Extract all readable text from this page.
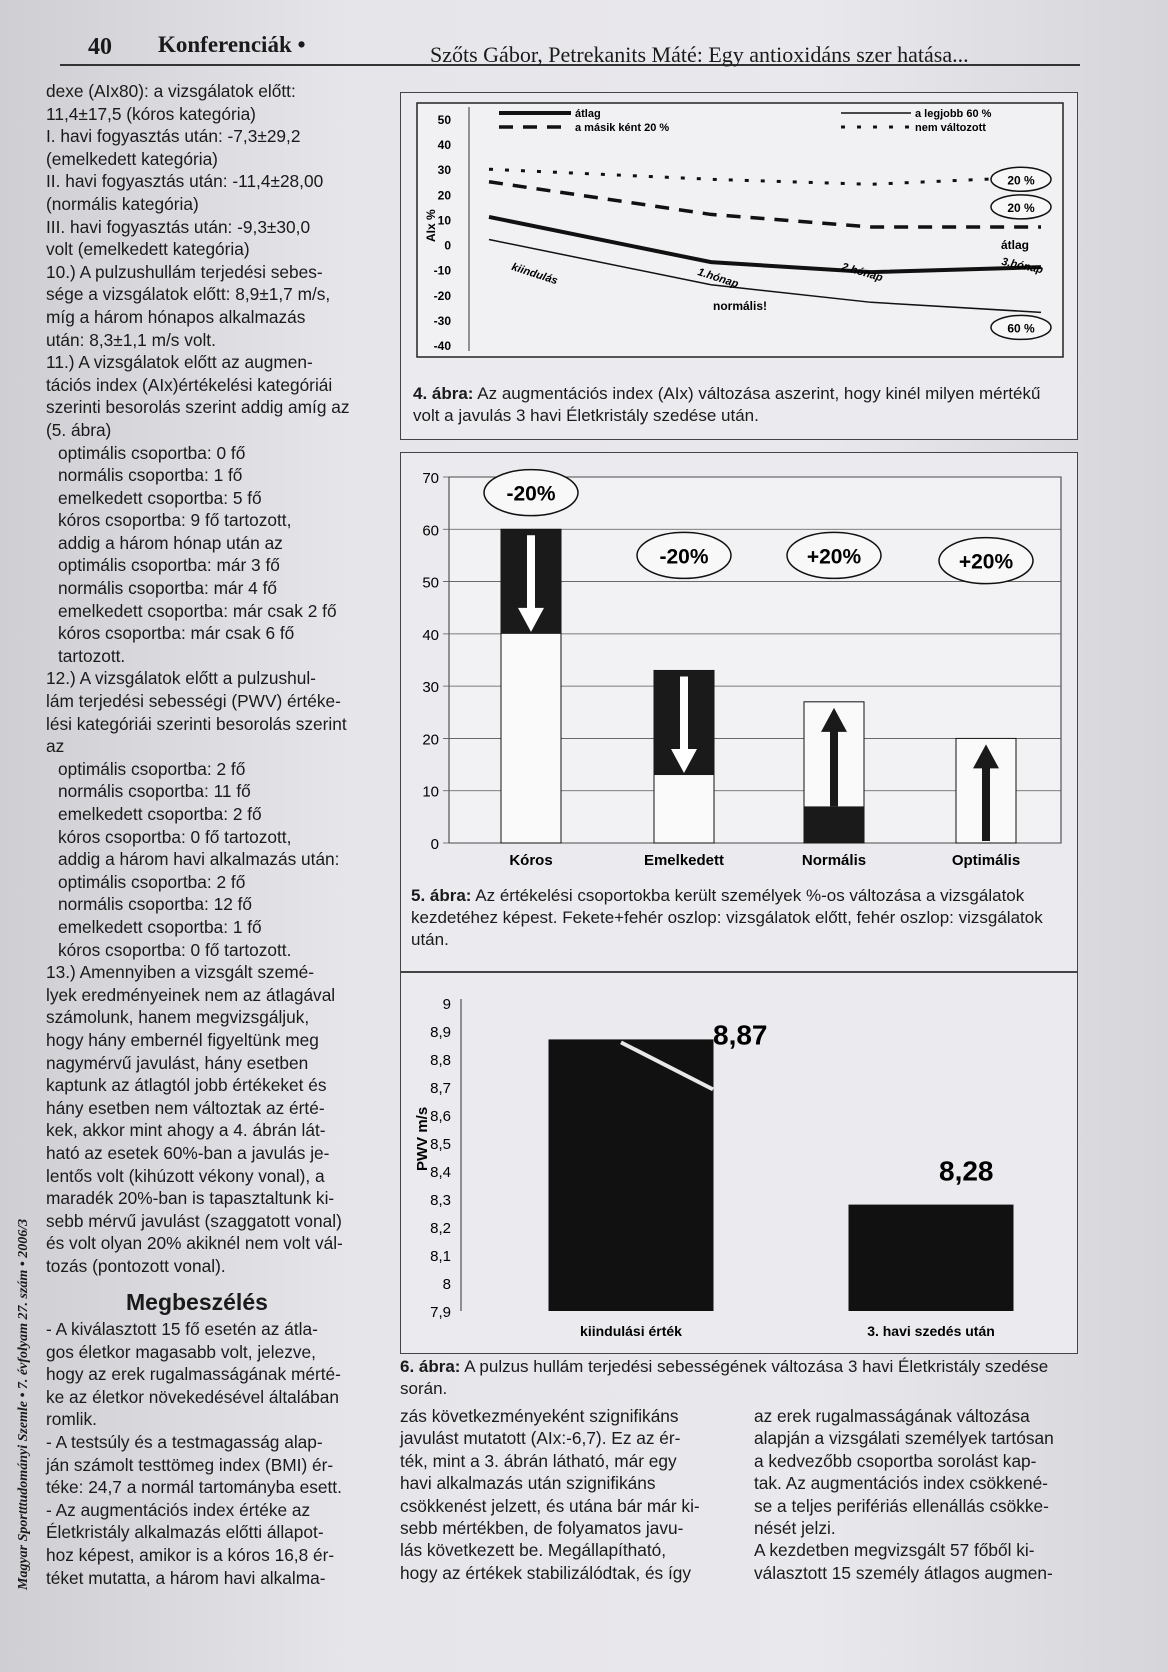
40 Konferenciák •	Szőts Gábor, Petrekanits Máté: Egy antioxidáns szer hatása...
Magyar Sportttudományi Szemle • 7. évfolyam 27. szám • 2006/3

dexe (AIx80): a vizsgálatok előtt:

11,4±17,5 (kóros kategória)

I. havi fogyasztás után: -7,3±29,2

(emelkedett kategória)

II. havi fogyasztás után: -11,4±28,00

(normális kategória)

III. havi fogyasztás után: -9,3±30,0

volt (emelkedett kategória)

10.) A pulzushullám terjedési sebes-

sége a vizsgálatok előtt: 8,9±1,7 m/s,

míg a három hónapos alkalmazás

után: 8,3±1,1 m/s volt.

11.) A vizsgálatok előtt az augmen-

tációs index (AIx)értékelési kategóriái

szerinti besorolás szerint addig amíg az

(5. ábra)

optimális csoportba: 0 fő

normális csoportba: 1 fő

emelkedett csoportba: 5 fő

kóros csoportba: 9 fő tartozott,

addig a három hónap után az

optimális csoportba: már 3 fő

normális csoportba: már 4 fő

emelkedett csoportba: már csak 2 fő

kóros csoportba: már csak 6 fő

tartozott.

12.) A vizsgálatok előtt a pulzushul-

lám terjedési sebességi (PWV) értéke-

lési kategóriái szerinti besorolás szerint

az

optimális csoportba: 2 fő

normális csoportba: 11 fő

emelkedett csoportba: 2 fő

kóros csoportba: 0 fő tartozott,

addig a három havi alkalmazás után:

optimális csoportba: 2 fő

normális csoportba: 12 fő

emelkedett csoportba: 1 fő

kóros csoportba: 0 fő tartozott.

13.) Amennyiben a vizsgált szemé-

lyek eredményeinek nem az átlagával

számolunk, hanem megvizsgáljuk,

hogy hány embernél figyeltünk meg

nagymérvű javulást, hány esetben

kaptunk az átlagtól jobb értékeket és

hány esetben nem változtak az érté-

kek, akkor mint ahogy a 4. ábrán lát-

ható az esetek 60%-ban a javulás je-

lentős volt (kihúzott vékony vonal), a

maradék 20%-ban is tapasztaltunk ki-

sebb mérvű javulást (szaggatott vonal)

és volt olyan 20% akiknél nem volt vál-

tozás (pontozott vonal).

Megbeszélés

- A kiválasztott 15 fő esetén az átla-

gos életkor magasabb volt, jelezve,

hogy az erek rugalmasságának mérté-

ke az életkor növekedésével általában

romlik.

- A testsúly és a testmagasság alap-

ján számolt testtömeg index (BMI) ér-

téke: 24,7 a normál tartományba esett.

- Az augmentációs index értéke az

Életkristály alkalmazás előtti állapot-

hoz képest, amikor is a kóros 16,8 ér-

téket mutatta, a három havi alkalma-

50
40
30
20
10
0
-10
-20
-30
-40
AIx %
átlag
a másik ként 20 %
a legjobb 60 %
nem változott
20 %
20 %
60 %
átlag
3.hónap
kiindulás	1.hónap	2.hónap
normális!
4. ábra: Az augmentációs index (AIx) változása aszerint, hogy kinél milyen mértékű volt a javulás 3 havi Életkristály szedése után.
0
10
20
30
40
50
60
70
Kóros	Emelkedett	Normális	Optimális
-20%
-20%	+20%	+20%
5. ábra: Az értékelési csoportokba került személyek %-os változása a vizsgálatok kezdetéhez képest. Fekete+fehér oszlop: vizsgálatok előtt, fehér oszlop: vizsgálatok után.
9
8,9
8,8
8,7
8,6
8,5
8,4
8,3
8,2
8,1
8
7,9
PWV m/s
kiindulási érték	3. havi szedés után
8,87
8,28
6. ábra: A pulzus hullám terjedési sebességének változása 3 havi Életkristály szedése során.

zás következményeként szignifikáns

javulást mutatott (AIx:-6,7). Ez az ér-

ték, mint a 3. ábrán látható, már egy

havi alkalmazás után szignifikáns

csökkenést jelzett, és utána bár már ki-

sebb mértékben, de folyamatos javu-

lás következett be. Megállapítható,

hogy az értékek stabilizálódtak, és így

az erek rugalmasságának változása

alapján a vizsgálati személyek tartósan

a kedvezőbb csoportba sorolást kap-

tak. Az augmentációs index csökkené-

se a teljes perifériás ellenállás csökke-

nését jelzi.

A kezdetben megvizsgált 57 főből ki-

választott 15 személy átlagos augmen-
